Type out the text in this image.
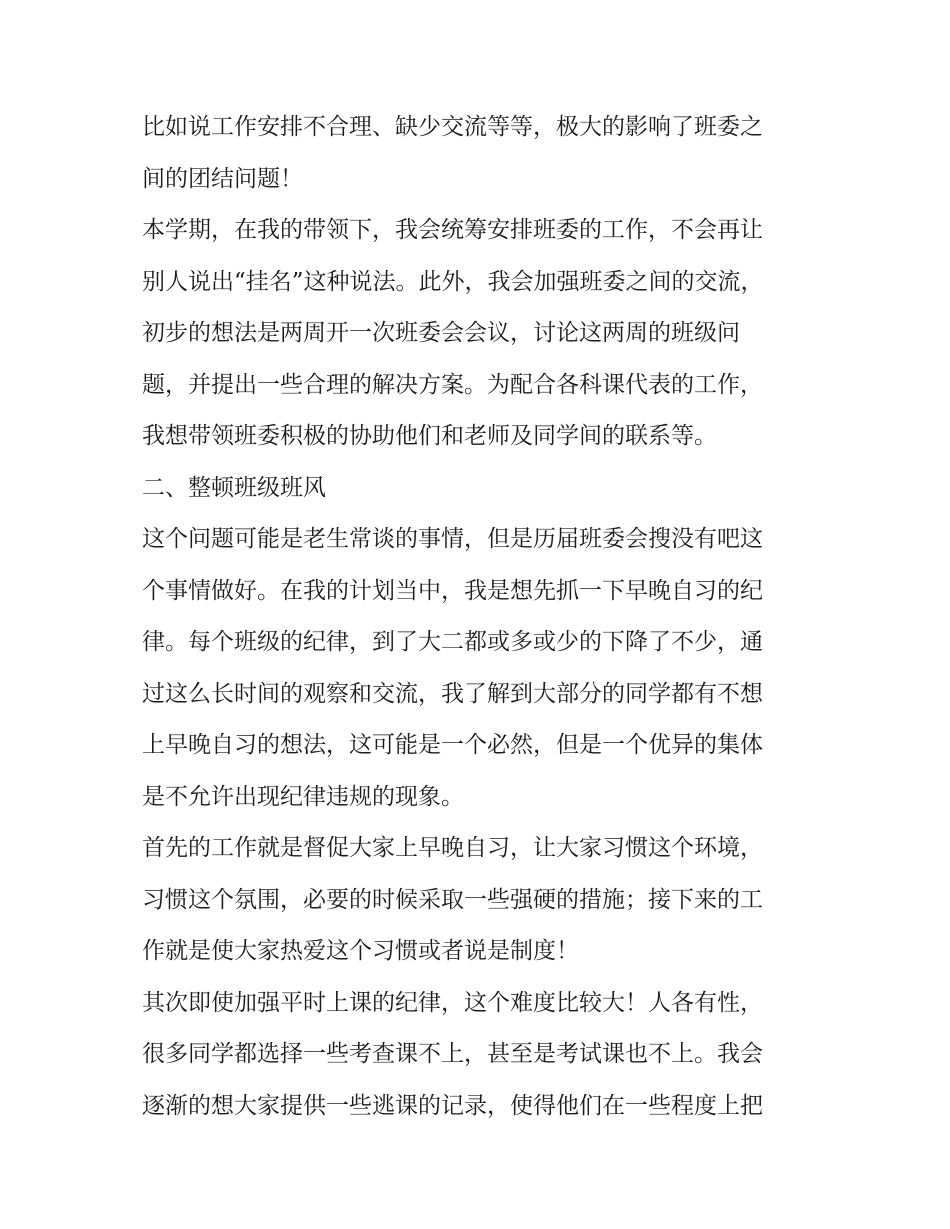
比如说工作安排不合理、缺少交流等等，极大的影响了班委之
间的团结问题！
本学期，在我的带领下，我会统筹安排班委的工作，不会再让
别人说出“挂名”这种说法。此外，我会加强班委之间的交流，
初步的想法是两周开一次班委会会议，讨论这两周的班级问
题，并提出一些合理的解决方案。为配合各科课代表的工作，
我想带领班委积极的协助他们和老师及同学间的联系等。
二、整顿班级班风
这个问题可能是老生常谈的事情，但是历届班委会搜没有吧这
个事情做好。在我的计划当中，我是想先抓一下早晚自习的纪
律。每个班级的纪律，到了大二都或多或少的下降了不少，通
过这么长时间的观察和交流，我了解到大部分的同学都有不想
上早晚自习的想法，这可能是一个必然，但是一个优异的集体
是不允许出现纪律违规的现象。
首先的工作就是督促大家上早晚自习，让大家习惯这个环境，
习惯这个氛围，必要的时候采取一些强硬的措施；接下来的工
作就是使大家热爱这个习惯或者说是制度！
其次即使加强平时上课的纪律，这个难度比较大！人各有性，
很多同学都选择一些考查课不上，甚至是考试课也不上。我会
逐渐的想大家提供一些逃课的记录，使得他们在一些程度上把
